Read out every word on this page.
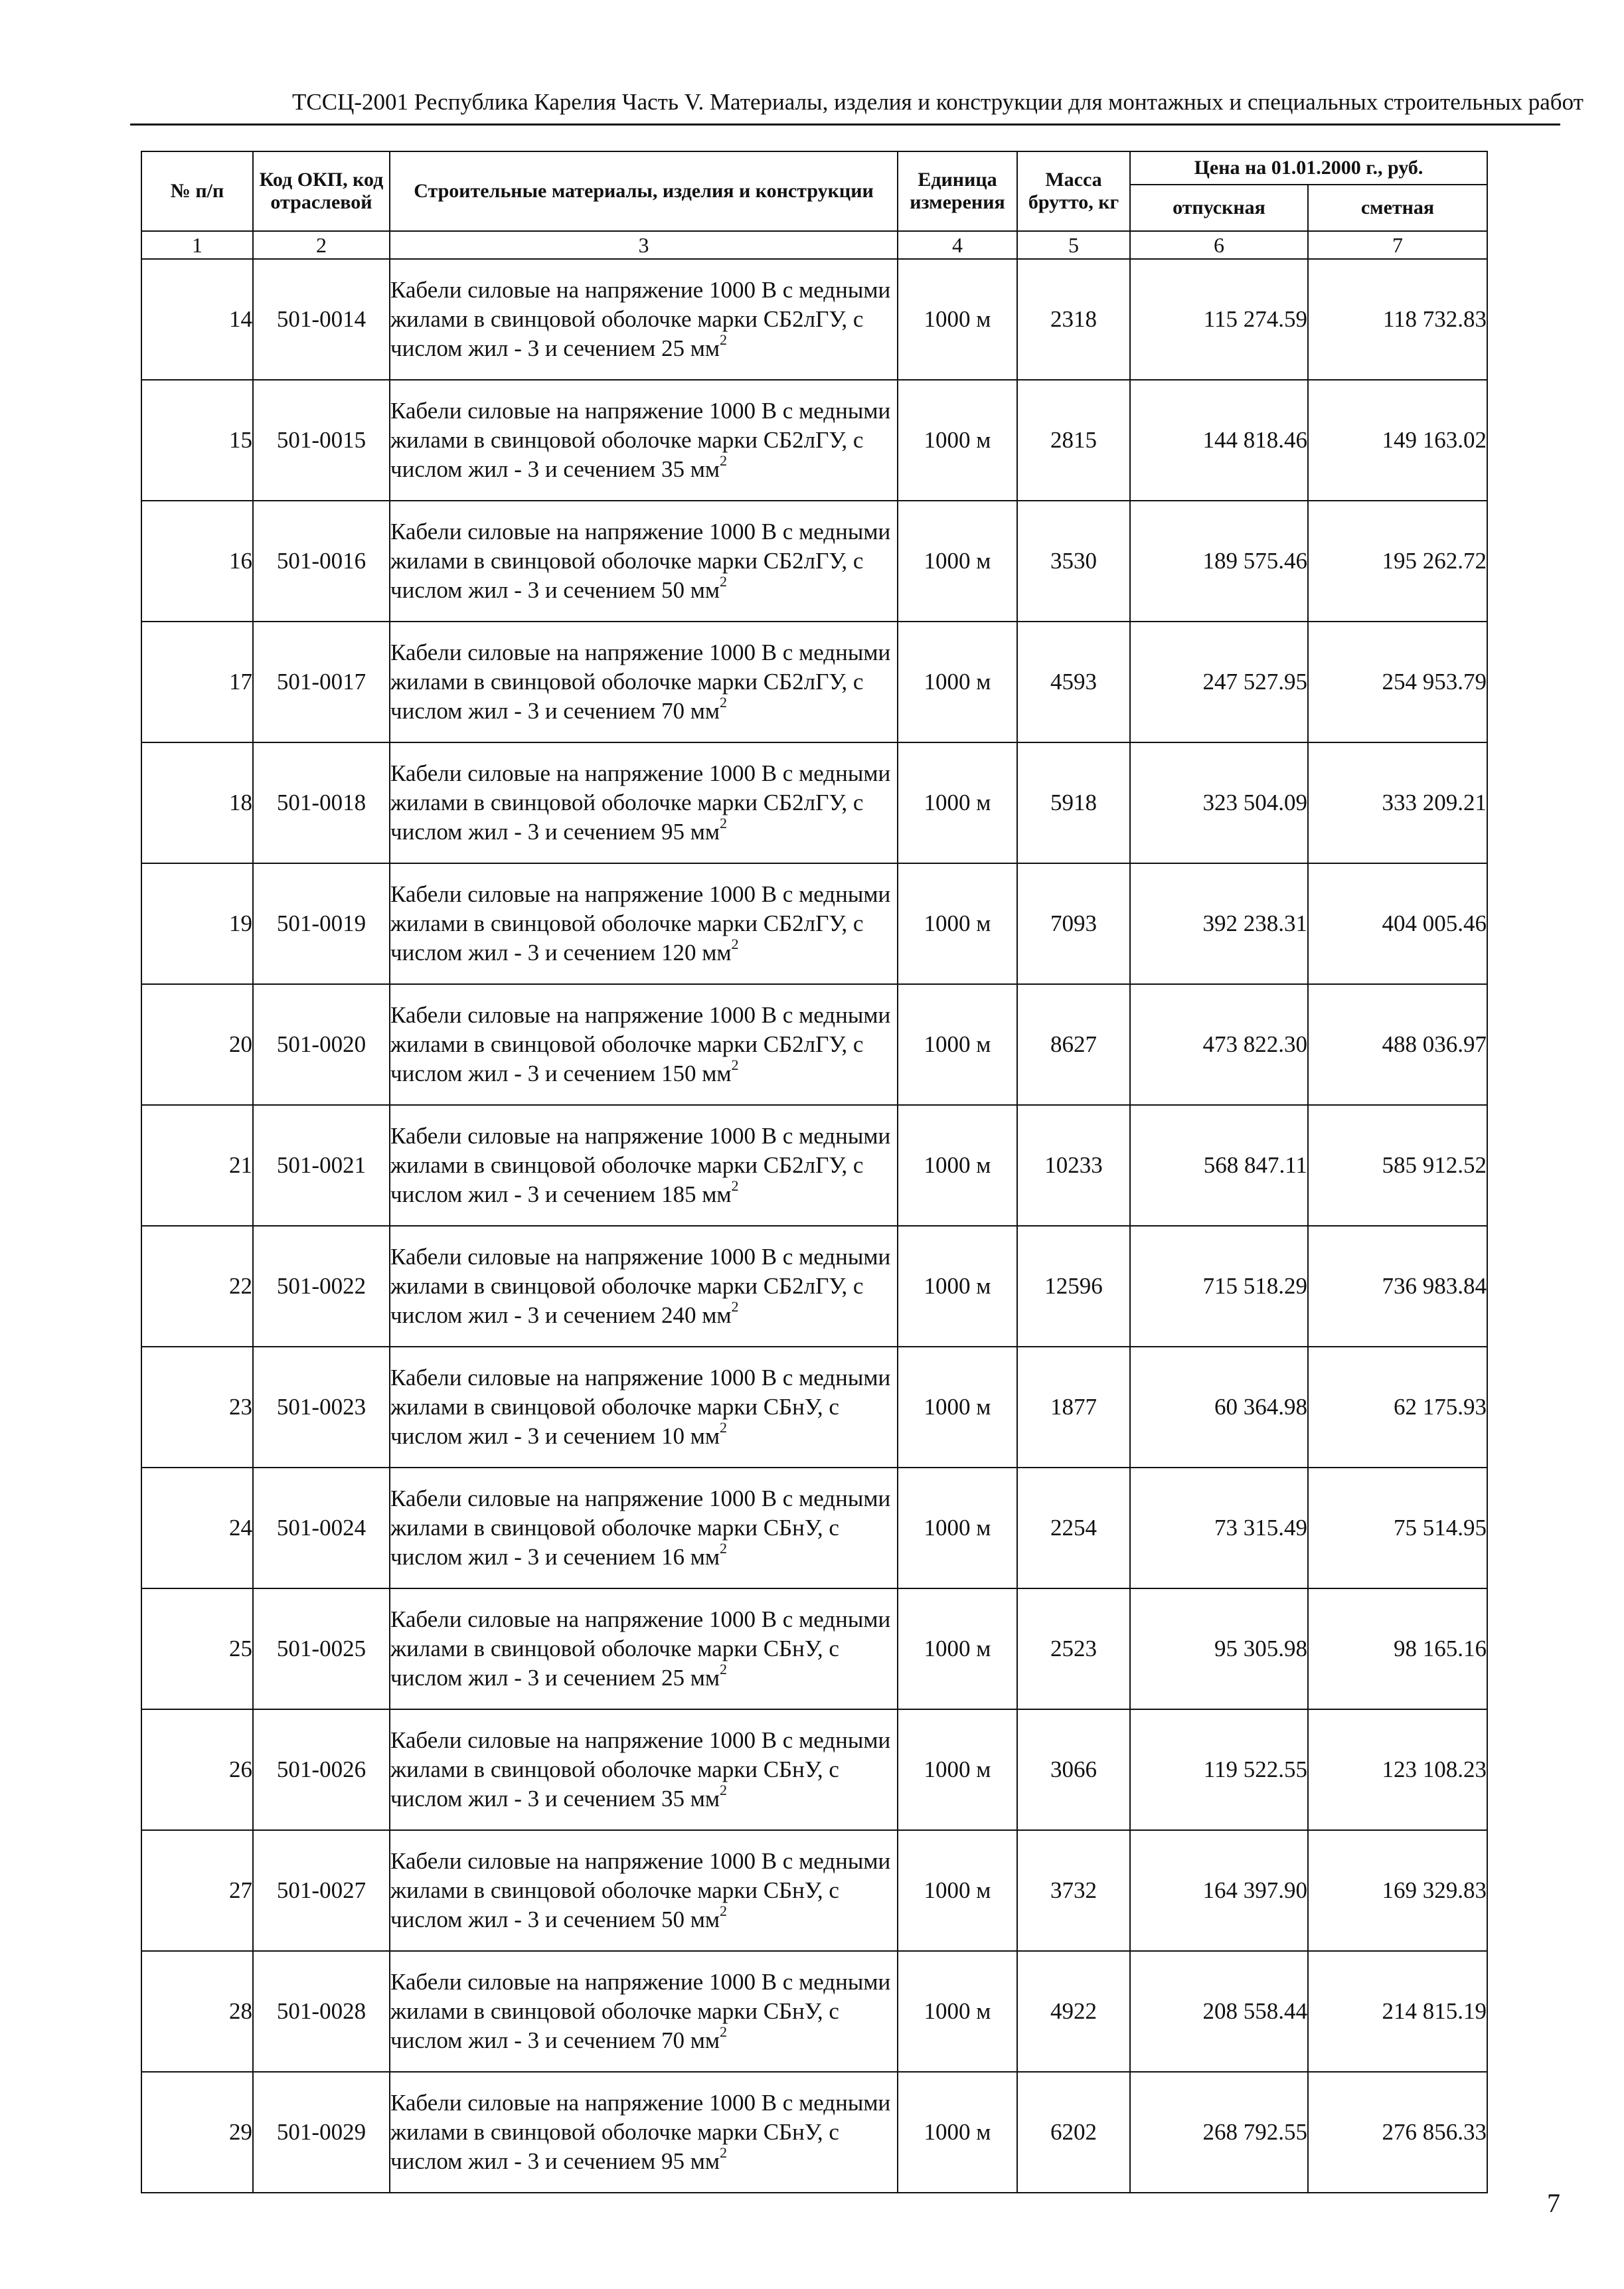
ТССЦ-2001 Республика Карелия Часть V. Материалы, изделия и конструкции для монтажных и специальных строительных работ
№ п/п	Код ОКП, код отраслевой	Строительные материалы, изделия и конструкции	Единица измерения	Масса брутто, кг	Цена на 01.01.2000 г., руб.	
					отпускная	сметная
1	2	3	4	5	6	7
14	501-0014	Кабели силовые на напряжение 1000 В с медными жилами в свинцовой оболочке марки СБ2лГУ, с числом жил - 3 и сечением 25 $мм^2$	1000 м	2318	115 274.59	118 732.83
15	501-0015	Кабели силовые на напряжение 1000 В с медными жилами в свинцовой оболочке марки СБ2лГУ, с числом жил - 3 и сечением 35 $мм^2$	1000 м	2815	144 818.46	149 163.02
16	501-0016	Кабели силовые на напряжение 1000 В с медными жилами в свинцовой оболочке марки СБ2лГУ, с числом жил - 3 и сечением 50 $мм^2$	1000 м	3530	189 575.46	195 262.72
17	501-0017	Кабели силовые на напряжение 1000 В с медными жилами в свинцовой оболочке марки СБ2лГУ, с числом жил - 3 и сечением 70 $мм^2$	1000 м	4593	247 527.95	254 953.79
18	501-0018	Кабели силовые на напряжение 1000 В с медными жилами в свинцовой оболочке марки СБ2лГУ, с числом жил - 3 и сечением 95 $мм^2$	1000 м	5918	323 504.09	333 209.21
19	501-0019	Кабели силовые на напряжение 1000 В с медными жилами в свинцовой оболочке марки СБ2лГУ, с числом жил - 3 и сечением 120 $мм^2$	1000 м	7093	392 238.31	404 005.46
20	501-0020	Кабели силовые на напряжение 1000 В с медными жилами в свинцовой оболочке марки СБ2лГУ, с числом жил - 3 и сечением 150 $мм^2$	1000 м	8627	473 822.30	488 036.97
21	501-0021	Кабели силовые на напряжение 1000 В с медными жилами в свинцовой оболочке марки СБ2лГУ, с числом жил - 3 и сечением 185 $мм^2$	1000 м	10233	568 847.11	585 912.52
22	501-0022	Кабели силовые на напряжение 1000 В с медными жилами в свинцовой оболочке марки СБ2лГУ, с числом жил - 3 и сечением 240 $мм^2$	1000 м	12596	715 518.29	736 983.84
23	501-0023	Кабели силовые на напряжение 1000 В с медными жилами в свинцовой оболочке марки СБнУ, с числом жил - 3 и сечением 10 $мм^2$	1000 м	1877	60 364.98	62 175.93
24	501-0024	Кабели силовые на напряжение 1000 В с медными жилами в свинцовой оболочке марки СБнУ, с числом жил - 3 и сечением 16 $мм^2$	1000 м	2254	73 315.49	75 514.95
25	501-0025	Кабели силовые на напряжение 1000 В с медными жилами в свинцовой оболочке марки СБнУ, с числом жил - 3 и сечением 25 $мм^2$	1000 м	2523	95 305.98	98 165.16
26	501-0026	Кабели силовые на напряжение 1000 В с медными жилами в свинцовой оболочке марки СБнУ, с числом жил - 3 и сечением 35 $мм^2$	1000 м	3066	119 522.55	123 108.23
27	501-0027	Кабели силовые на напряжение 1000 В с медными жилами в свинцовой оболочке марки СБнУ, с числом жил - 3 и сечением 50 $мм^2$	1000 м	3732	164 397.90	169 329.83
28	501-0028	Кабели силовые на напряжение 1000 В с медными жилами в свинцовой оболочке марки СБнУ, с числом жил - 3 и сечением 70 $мм^2$	1000 м	4922	208 558.44	214 815.19
29	501-0029	Кабели силовые на напряжение 1000 В с медными жилами в свинцовой оболочке марки СБнУ, с числом жил - 3 и сечением 95 $мм^2$	1000 м	6202	268 792.55	276 856.33
7
